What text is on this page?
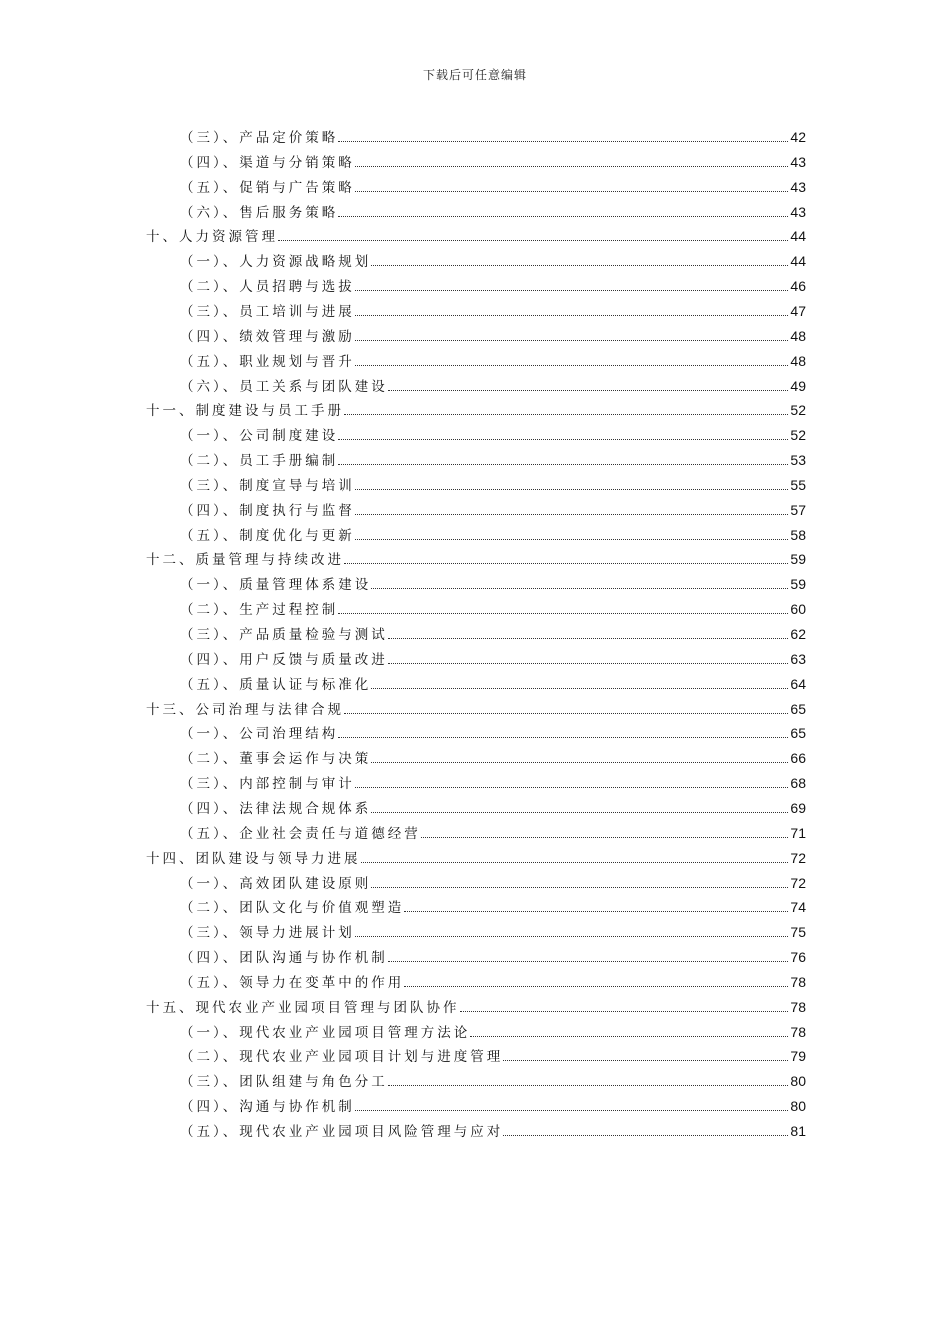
下载后可任意编辑
（三）、产品定价策略	42
（四）、渠道与分销策略	43
（五）、促销与广告策略	43
（六）、售后服务策略	43
十、人力资源管理	44
（一）、人力资源战略规划	44
（二）、人员招聘与选拔	46
（三）、员工培训与进展	47
（四）、绩效管理与激励	48
（五）、职业规划与晋升	48
（六）、员工关系与团队建设	49
十一、制度建设与员工手册	52
（一）、公司制度建设	52
（二）、员工手册编制	53
（三）、制度宣导与培训	55
（四）、制度执行与监督	57
（五）、制度优化与更新	58
十二、质量管理与持续改进	59
（一）、质量管理体系建设	59
（二）、生产过程控制	60
（三）、产品质量检验与测试	62
（四）、用户反馈与质量改进	63
（五）、质量认证与标准化	64
十三、公司治理与法律合规	65
（一）、公司治理结构	65
（二）、董事会运作与决策	66
（三）、内部控制与审计	68
（四）、法律法规合规体系	69
（五）、企业社会责任与道德经营	71
十四、团队建设与领导力进展	72
（一）、高效团队建设原则	72
（二）、团队文化与价值观塑造	74
（三）、领导力进展计划	75
（四）、团队沟通与协作机制	76
（五）、领导力在变革中的作用	78
十五、现代农业产业园项目管理与团队协作	78
（一）、现代农业产业园项目管理方法论	78
（二）、现代农业产业园项目计划与进度管理	79
（三）、团队组建与角色分工	80
（四）、沟通与协作机制	80
（五）、现代农业产业园项目风险管理与应对	81
